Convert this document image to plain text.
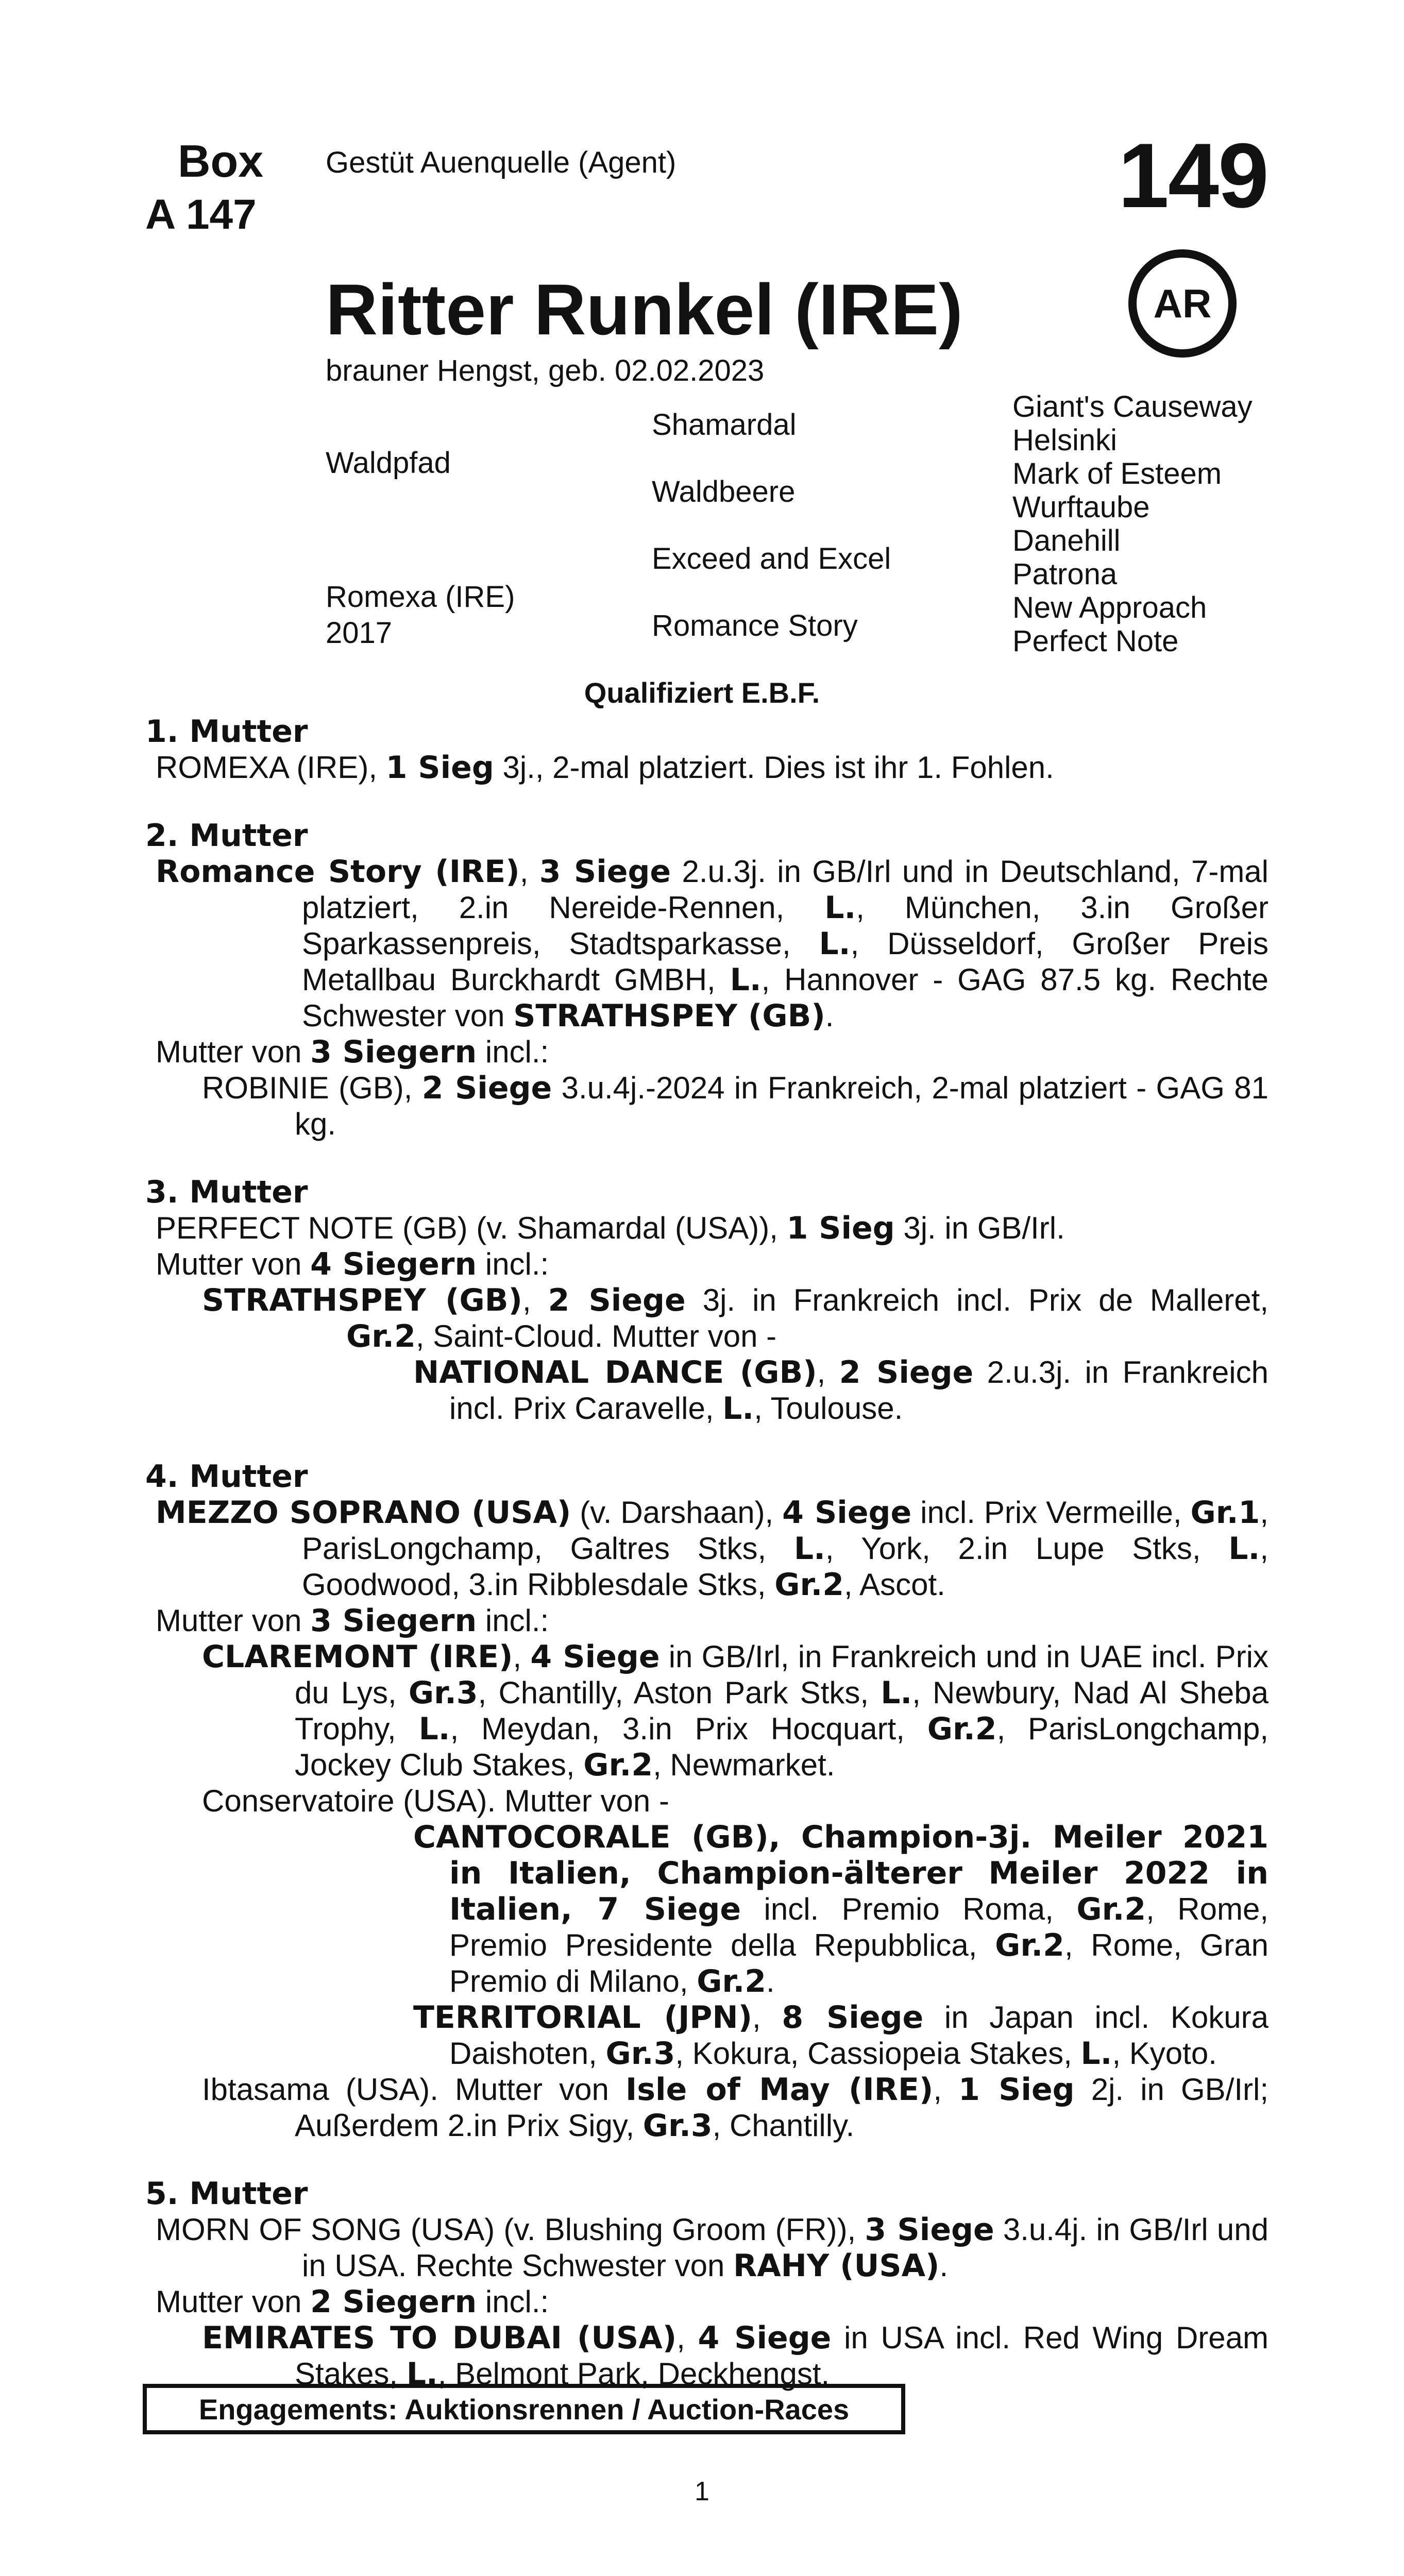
Box
A 147
Gestüt Auenquelle (Agent)	149
Ritter Runkel (IRE)	AR
brauner Hengst, geb. 02.02.2023
Waldpfad
Romexa (IRE)
2017
Shamardal
Waldbeere
Exceed and Excel
Romance Story
Giant's Causeway
Helsinki
Mark of Esteem
Wurftaube
Danehill
Patrona
New Approach
Perfect Note
Qualifiziert E.B.F.
1. Mutter
ROMEXA (IRE), 1 Sieg 3j., 2-mal platziert. Dies ist ihr 1. Fohlen.
2. Mutter
Romance Story (IRE), 3 Siege 2.u.3j. in GB/Irl und in Deutschland, 7-mal platziert, 2.in Nereide-Rennen, L., München, 3.in Großer Sparkassenpreis, Stadtsparkasse, L., Düsseldorf, Großer Preis Metallbau Burckhardt GMBH, L., Hannover - GAG 87.5 kg. Rechte Schwester von STRATHSPEY (GB).
Mutter von 3 Siegern incl.:
ROBINIE (GB), 2 Siege 3.u.4j.-2024 in Frankreich, 2-mal platziert - GAG 81 kg.
3. Mutter
PERFECT NOTE (GB) (v. Shamardal (USA)), 1 Sieg 3j. in GB/Irl.
Mutter von 4 Siegern incl.:
STRATHSPEY (GB), 2 Siege 3j. in Frankreich incl. Prix de Malleret, Gr.2, Saint-Cloud. Mutter von -
NATIONAL DANCE (GB), 2 Siege 2.u.3j. in Frankreich incl. Prix Caravelle, L., Toulouse.
4. Mutter
MEZZO SOPRANO (USA) (v. Darshaan), 4 Siege incl. Prix Vermeille, Gr.1, ParisLongchamp, Galtres Stks, L., York, 2.in Lupe Stks, L., Goodwood, 3.in Ribblesdale Stks, Gr.2, Ascot.
Mutter von 3 Siegern incl.:
CLAREMONT (IRE), 4 Siege in GB/Irl, in Frankreich und in UAE incl. Prix du Lys, Gr.3, Chantilly, Aston Park Stks, L., Newbury, Nad Al Sheba Trophy, L., Meydan, 3.in Prix Hocquart, Gr.2, ParisLongchamp, Jockey Club Stakes, Gr.2, Newmarket.
Conservatoire (USA). Mutter von -
CANTOCORALE (GB), Champion-3j. Meiler 2021 in Italien, Champion-älterer Meiler 2022 in Italien, 7 Siege incl. Premio Roma, Gr.2, Rome, Premio Presidente della Repubblica, Gr.2, Rome, Gran Premio di Milano, Gr.2.
TERRITORIAL (JPN), 8 Siege in Japan incl. Kokura Daishoten, Gr.3, Kokura, Cassiopeia Stakes, L., Kyoto.
Ibtasama (USA). Mutter von Isle of May (IRE), 1 Sieg 2j. in GB/Irl; Außerdem 2.in Prix Sigy, Gr.3, Chantilly.
5. Mutter
MORN OF SONG (USA) (v. Blushing Groom (FR)), 3 Siege 3.u.4j. in GB/Irl und in USA. Rechte Schwester von RAHY (USA).
Mutter von 2 Siegern incl.:
EMIRATES TO DUBAI (USA), 4 Siege in USA incl. Red Wing Dream Stakes, L., Belmont Park, Deckhengst.
Engagements: Auktionsrennen / Auction-Races
1
